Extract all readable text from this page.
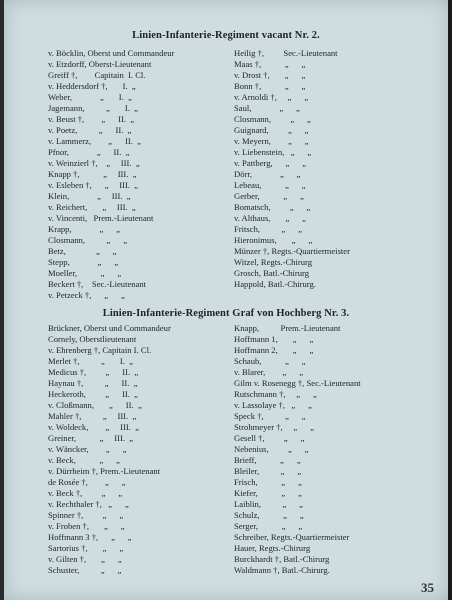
Linien-Infanterie-Regiment vacant Nr. 2.
v. Böcklin, Oberst und Commandeur
v. Etzdorff, Oberst-Lieutenant
Greiff †,        Capitain  I. Cl.
v. Heddersdorf †,       I.  „
Weber,             „       I.  „
Jagemann,          „       I.  „
v. Beust †,        „      II.  „
v. Poetz,          „      II.  „
v. Lammerz,        „      II.  „
Pfnor,             „      II.  „
v. Weinzierl †,    „     III.  „
Knapp †,           „     III.  „
v. Esleben †,      „     III.  „
Klein,             „     III.  „
v. Reichert,       „     III.  „
v. Vincenti,   Prem.-Lieutenant
Krapp,             „      „
Closmann,          „      „
Betz,              „      „
Stepp,             „      „
Moeller,           „      „
Beckert †,    Sec.-Lieutenant
v. Petzeck †,      „      „
Heilig †,         Sec.-Lieutenant
Maas †,           „      „
v. Drost †,       „      „
Bonn †,           „      „
v. Arnoldi †,     „      „
Saul,             „      „
Closmann,         „      „
Guignard,         „      „
v. Meyern,        „      „
v. Liebenstein,   „      „
v. Pattberg,      „      „
Dörr,             „      „
Lebeau,           „      „
Gerber,           „      „
Bomatsch,         „      „
v. Althaus,       „      „
Fritsch,          „      „
Hieronimus,       „      „
Münzer †, Regts.-Quartiermeister
Witzel, Regts.-Chirurg
Grosch, Batl.-Chirurg
Happold, Batl.-Chirurg.
Linien-Infanterie-Regiment Graf von Hochberg Nr. 3.
Brückner, Oberst und Commandeur
Cornely, Oberstlieutenant
v. Ehrenberg †, Capitain I. Cl.
Merlet †,          „       I.  „
Medicus †,         „      II.  „
Haynau †,          „      II.  „
Heckeroth,         „      II.  „
v. Cloßmann,       „      II.  „
Mahler †,          „     III.  „
v. Woldeck,        „     III.  „
Greiner,           „     III.  „
v. Wäncker,        „      „
v. Beck,           „      „
v. Dürrheim †, Prem.-Lieutenant
de Rosée †,        „      „
v. Beck †,         „      „
v. Rechthaler †,   „      „
Spinner †,         „      „
v. Froben †,       „      „
Hoffmann 3 †,      „      „
Sartorius †,       „      „
v. Gilten †,       „      „
Schuster,          „      „
Knapp,          Prem.-Lieutenant
Hoffmann 1,       „      „
Hoffmann 2,       „      „
Schaub,           „      „
v. Blarer,        „      „
Gilm v. Rosenegg †, Sec.-Lieutenant
Rutschmann †,     „      „
v. Lassolaye †,   „      „
Speck †,          „      „
Strohmeyer †,     „      „
Gesell †,         „      „
Nebenius,         „      „
Brieff,           „      „
Bleiler,          „      „
Frisch,           „      „
Kiefer,           „      „
Laiblin,          „      „
Schulz,           „      „
Serger,           „      „
Schreiber, Regts.-Quartiermeister
Hauer, Regts.-Chirurg
Burckhardt †, Batl.-Chirurg
Waldmann †, Batl.-Chirurg.
35
